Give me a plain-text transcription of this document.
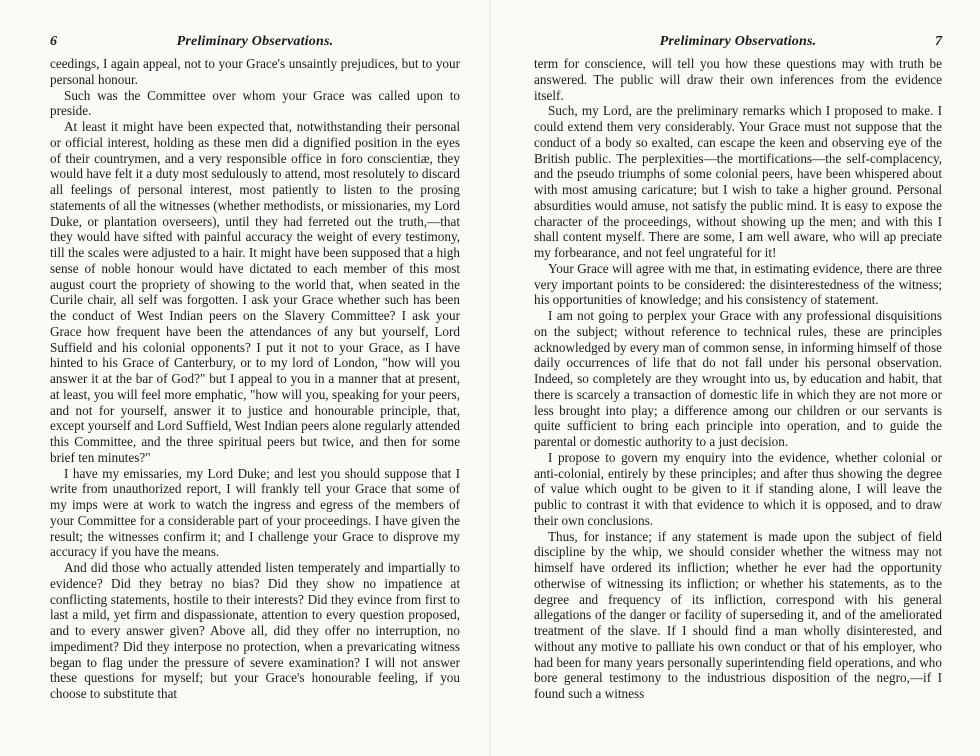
6	Preliminary Observations.

ceedings, I again appeal, not to your Grace's unsaintly prejudices, but to your personal honour.

Such was the Committee over whom your Grace was called upon to preside.

At least it might have been expected that, notwithstanding their personal or official interest, holding as these men did a dignified position in the eyes of their countrymen, and a very responsible office in foro conscientiæ, they would have felt it a duty most sedulously to attend, most resolutely to discard all feelings of personal interest, most patiently to listen to the prosing statements of all the witnesses (whether methodists, or missionaries, my Lord Duke, or plantation overseers), until they had ferreted out the truth,—that they would have sifted with painful accuracy the weight of every testimony, till the scales were adjusted to a hair. It might have been supposed that a high sense of noble honour would have dictated to each member of this most august court the propriety of showing to the world that, when seated in the Curile chair, all self was forgotten. I ask your Grace whether such has been the conduct of West Indian peers on the Slavery Committee? I ask your Grace how frequent have been the attendances of any but yourself, Lord Suffield and his colonial opponents? I put it not to your Grace, as I have hinted to his Grace of Canterbury, or to my lord of London, "how will you answer it at the bar of God?" but I appeal to you in a manner that at present, at least, you will feel more emphatic, "how will you, speaking for your peers, and not for yourself, answer it to justice and honourable principle, that, except yourself and Lord Suffield, West Indian peers alone regularly attended this Committee, and the three spiritual peers but twice, and then for some brief ten minutes?"

I have my emissaries, my Lord Duke; and lest you should suppose that I write from unauthorized report, I will frankly tell your Grace that some of my imps were at work to watch the ingress and egress of the members of your Committee for a considerable part of your proceedings. I have given the result; the witnesses confirm it; and I challenge your Grace to disprove my accuracy if you have the means.

And did those who actually attended listen temperately and impartially to evidence? Did they betray no bias? Did they show no impatience at conflicting statements, hostile to their interests? Did they evince from first to last a mild, yet firm and dispassionate, attention to every question proposed, and to every answer given? Above all, did they offer no interruption, no impediment? Did they interpose no protection, when a prevaricating witness began to flag under the pressure of severe examination? I will not answer these questions for myself; but your Grace's honourable feeling, if you choose to substitute that

Preliminary Observations.	7

term for conscience, will tell you how these questions may with truth be answered. The public will draw their own inferences from the evidence itself.

Such, my Lord, are the preliminary remarks which I proposed to make. I could extend them very considerably. Your Grace must not suppose that the conduct of a body so exalted, can escape the keen and observing eye of the British public. The perplexities—the mortifications—the self-complacency, and the pseudo triumphs of some colonial peers, have been whispered about with most amusing caricature; but I wish to take a higher ground. Personal absurdities would amuse, not satisfy the public mind. It is easy to expose the character of the proceedings, without showing up the men; and with this I shall content myself. There are some, I am well aware, who will ap preciate my forbearance, and not feel ungrateful for it!

Your Grace will agree with me that, in estimating evidence, there are three very important points to be considered: the disinterestedness of the witness; his opportunities of knowledge; and his consistency of statement.

I am not going to perplex your Grace with any professional disquisitions on the subject; without reference to technical rules, these are principles acknowledged by every man of common sense, in informing himself of those daily occurrences of life that do not fall under his personal observation. Indeed, so completely are they wrought into us, by education and habit, that there is scarcely a transaction of domestic life in which they are not more or less brought into play; a difference among our children or our servants is quite sufficient to bring each principle into operation, and to guide the parental or domestic authority to a just decision.

I propose to govern my enquiry into the evidence, whether colonial or anti-colonial, entirely by these principles; and after thus showing the degree of value which ought to be given to it if standing alone, I will leave the public to contrast it with that evidence to which it is opposed, and to draw their own conclusions.

Thus, for instance; if any statement is made upon the subject of field discipline by the whip, we should consider whether the witness may not himself have ordered its infliction; whether he ever had the opportunity otherwise of witnessing its infliction; or whether his statements, as to the degree and frequency of its infliction, correspond with his general allegations of the danger or facility of superseding it, and of the ameliorated treatment of the slave. If I should find a man wholly disinterested, and without any motive to palliate his own conduct or that of his employer, who had been for many years personally superintending field operations, and who bore general testimony to the industrious disposition of the negro,—if I found such a witness
